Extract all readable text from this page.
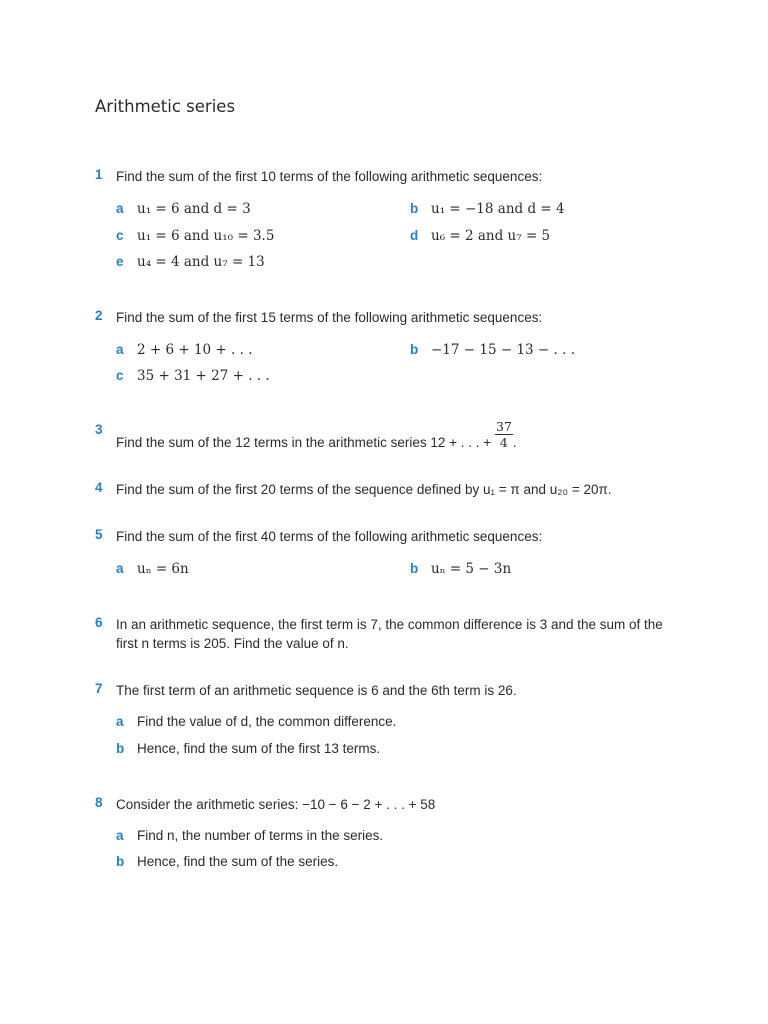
Arithmetic series
1 Find the sum of the first 10 terms of the following arithmetic sequences:
a u₁ = 6 and d = 3	b u₁ = −18 and d = 4
c u₁ = 6 and u₁₀ = 3.5	d u₆ = 2 and u₇ = 5
e u₄ = 4 and u₇ = 13
2 Find the sum of the first 15 terms of the following arithmetic sequences:
a 2 + 6 + 10 + . . .	b −17 − 15 − 13 − . . .
c 35 + 31 + 27 + . . .
3
Find the sum of the 12 terms in the arithmetic series 12 + . . . + $\frac{37}{4}$ .
4 Find the sum of the first 20 terms of the sequence defined by u₁ = π and u₂₀ = 20π.
5 Find the sum of the first 40 terms of the following arithmetic sequences:
a uₙ = 6n	b uₙ = 5 − 3n
6 In an arithmetic sequence, the first term is 7, the common difference is 3 and the sum of the first n terms is 205. Find the value of n.
7 The first term of an arithmetic sequence is 6 and the 6th term is 26.
a Find the value of d, the common difference.
b Hence, find the sum of the first 13 terms.
8 Consider the arithmetic series: −10 − 6 − 2 + . . . + 58
a Find n, the number of terms in the series.
b Hence, find the sum of the series.
